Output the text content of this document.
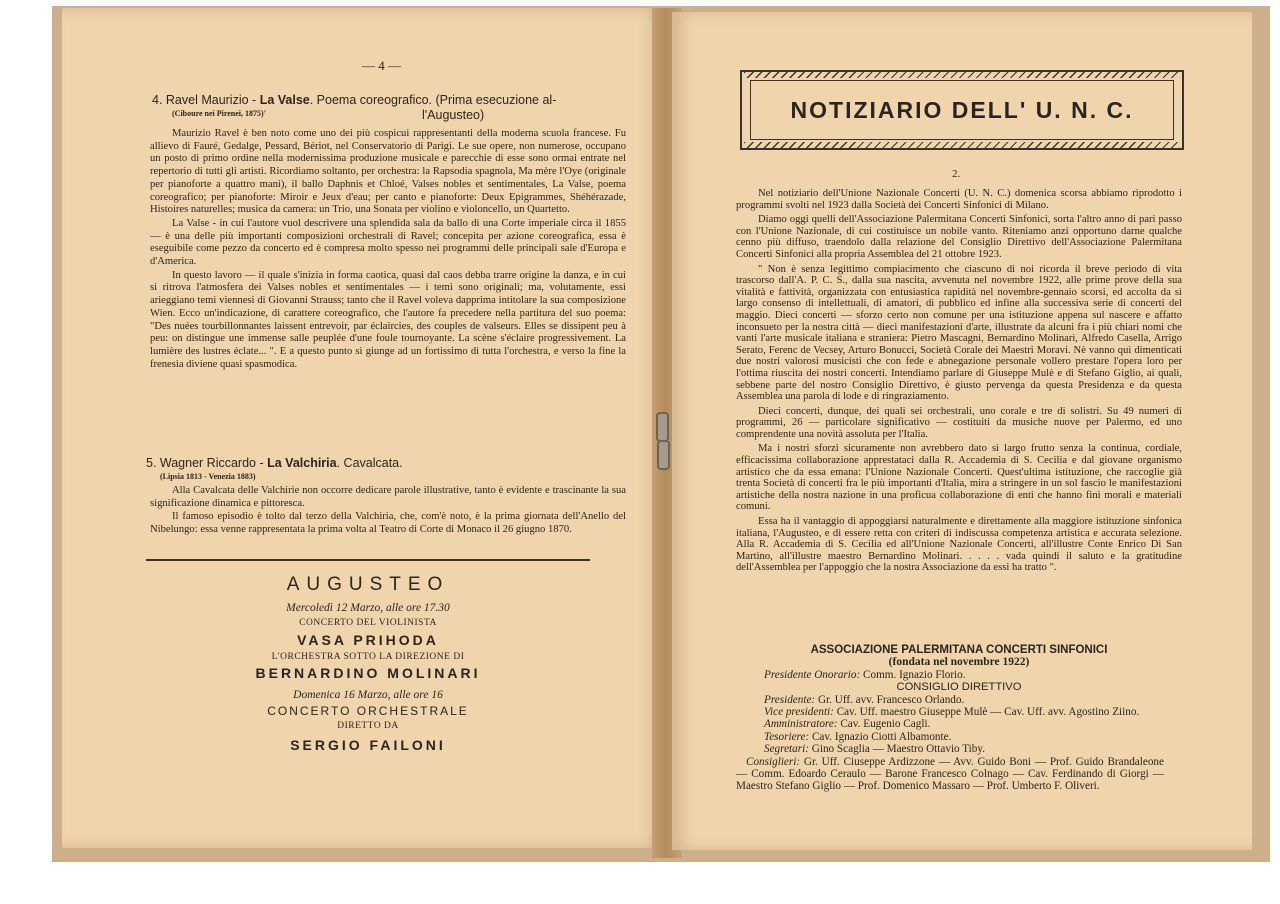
— 4 —
4. Ravel Maurizio - La Valse. Poema coreografico. (Prima esecuzione al-
(Ciboure nei Pirenei, 1875)'	l'Augusteo)

Maurizio Ravel è ben noto come uno dei più cospicui rappresentanti della moderna scuola francese. Fu allievo di Fauré, Gedalge, Pessard, Bériot, nel Conservatorio di Parigi. Le sue opere, non numerose, occupano un posto di primo ordine nella modernissima produzione musicale e parecchie di esse sono ormai entrate nel repertorio di tutti gli artisti. Ricordiamo soltanto, per orchestra: la Rapsodia spagnola, Ma mère l'Oye (originale per pianoforte a quattro mani), il ballo Daphnis et Chloé, Valses nobles et sentimentales, La Valse, poema coreografico; per pianoforte: Miroir e Jeux d'eau; per canto e pianoforte: Deux Epigrammes, Shéhérazade, Histoires naturelles; musica da camera: un Trio, una Sonata per violino e violoncello, un Quartetto.

La Valse - in cui l'autore vuol descrivere una splendida sala da ballo di una Corte imperiale circa il 1855 — è una delle più importanti composizioni orchestrali di Ravel; concepita per azione coreografica, essa è eseguibile come pezzo da concerto ed è compresa molto spesso nei programmi delle principali sale d'Europa e d'America.

In questo lavoro — il quale s'inizia in forma caotica, quasi dal caos debba trarre origine la danza, e in cui si ritrova l'atmosfera dei Valses nobles et sentimentales — i temi sono originali; ma, volutamente, essi arieggiano temi viennesi di Giovanni Strauss; tanto che il Ravel voleva dapprima intitolare la sua composizione Wien. Ecco un'indicazione, di carattere coreografico, che l'autore fa precedere nella partitura del suo poema: "Des nuées tourbillonnantes laissent entrevoir, par éclaircies, des couples de valseurs. Elles se dissipent peu à peu: on distingue une immense salle peuplée d'une foule tournoyante. La scène s'éclaire progressivement. La lumière des lustres éclate... ". E a questo punto si giunge ad un fortissimo di tutta l'orchestra, e verso la fine la frenesia diviene quasi spasmodica.

5. Wagner Riccardo - La Valchiria. Cavalcata.
(Lipsia 1813 - Venezia 1883)

Alla Cavalcata delle Valchirie non occorre dedicare parole illustrative, tanto è evidente e trascinante la sua significazione dinamica e pittoresca.

Il famoso episodio è tolto dal terzo della Valchiria, che, com'è noto, è la prima giornata dell'Anello del Nibelungo: essa venne rappresentata la prima volta al Teatro di Corte di Monaco il 26 giugno 1870.

AUGUSTEO
Mercoledì 12 Marzo, alle ore 17.30
CONCERTO DEL VIOLINISTA
VASA PRIHODA
L'ORCHESTRA SOTTO LA DIREZIONE DI
BERNARDINO MOLINARI
Domenica 16 Marzo, alle ore 16
CONCERTO ORCHESTRALE
DIRETTO DA
SERGIO FAILONI
NOTIZIARIO DELL' U. N. C.
2.

Nel notiziario dell'Unione Nazionale Concerti (U. N. C.) domenica scorsa abbiamo riprodotto i programmi svolti nel 1923 dalla Società dei Concerti Sinfonici di Milano.

Diamo oggi quelli dell'Associazione Palermitana Concerti Sinfonici, sorta l'altro anno di pari passo con l'Unione Nazionale, di cui costituisce un nobile vanto. Riteniamo anzi opportuno darne qualche cenno più diffuso, traendolo dalla relazione del Consiglio Direttivo dell'Associazione Palermitana Concerti Sinfonici alla propria Assemblea del 21 ottobre 1923.

" Non è senza legittimo compiacimento che ciascuno di noi ricorda il breve periodo di vita trascorso dall'A. P. C. S., dalla sua nascita, avvenuta nel novembre 1922, alle prime prove della sua vitalità e fattività, organizzata con entusiastica rapidità nel novembre-gennaio scorsi, ed accolta da sì largo consenso di intellettuali, di amatori, di pubblico ed infine alla successiva serie di concerti del maggio. Dieci concerti — sforzo certo non comune per una istituzione appena sul nascere e affatto inconsueto per la nostra città — dieci manifestazioni d'arte, illustrate da alcuni fra i più chiari nomi che vanti l'arte musicale italiana e straniera: Pietro Mascagni, Bernardino Molinari, Alfredo Casella, Arrigo Serato, Ferenc de Vecsey, Arturo Bonucci, Società Corale dei Maestri Moravi. Nè vanno qui dimenticati due nostri valorosi musicisti che con fede e abnegazione personale vollero prestare l'opera loro per l'ottima riuscita dei nostri concerti. Intendiamo parlare di Giuseppe Mulè e di Stefano Giglio, ai quali, sebbene parte del nostro Consiglio Direttivo, è giusto pervenga da questa Presidenza e da questa Assemblea una parola di lode e di ringraziamento.

Dieci concerti, dunque, dei quali sei orchestrali, uno corale e tre di solistri. Su 49 numeri di programmi, 26 — particolare significativo — costituiti da musiche nuove per Palermo, ed uno comprendente una novità assoluta per l'Italia.

Ma i nostri sforzi sicuramente non avrebbero dato sì largo frutto senza la continua, cordiale, efficacissima collaborazione apprestataci dalla R. Accademia di S. Cecilia e dal giovane organismo artistico che da essa emana: l'Unione Nazionale Concerti. Quest'ultima istituzione, che raccoglie già trenta Società di concerti fra le più importanti d'Italia, mira a stringere in un sol fascio le manifestazioni artistiche della nostra nazione in una proficua collaborazione di enti che hanno fini morali e materiali comuni.

Essa ha il vantaggio di appoggiarsi naturalmente e direttamente alla maggiore istituzione sinfonica italiana, l'Augusteo, e di essere retta con criteri di indiscussa competenza artistica e accurata selezione. Alla R. Accademia di S. Cecilia ed all'Unione Nazionale Concerti, all'illustre Conte Enrico Di San Martino, all'illustre maestro Bernardino Molinari. . . . . vada quindi il saluto e la gratitudine dell'Assemblea per l'appoggio che la nostra Associazione da essi ha tratto ".

ASSOCIAZIONE PALERMITANA CONCERTI SINFONICI
(fondata nel novembre 1922)
Presidente Onorario: Comm. Ignazio Florio.
CONSIGLIO DIRETTIVO
Presidente: Gr. Uff. avv. Francesco Orlando.
Vice presidenti: Cav. Uff. maestro Giuseppe Mulè — Cav. Uff. avv. Agostino Ziino.
Amministratore: Cav. Eugenio Cagli.
Tesoriere: Cav. Ignazio Ciotti Albamonte.
Segretari: Gino Scaglia — Maestro Ottavio Tiby.
Consiglieri: Gr. Uff. Ciuseppe Ardizzone — Avv. Guido Boni — Prof. Guido Brandaleone — Comm. Edoardo Ceraulo — Barone Francesco Colnago — Cav. Ferdinando di Giorgi — Maestro Stefano Giglio — Prof. Domenico Massaro — Prof. Umberto F. Oliveri.
